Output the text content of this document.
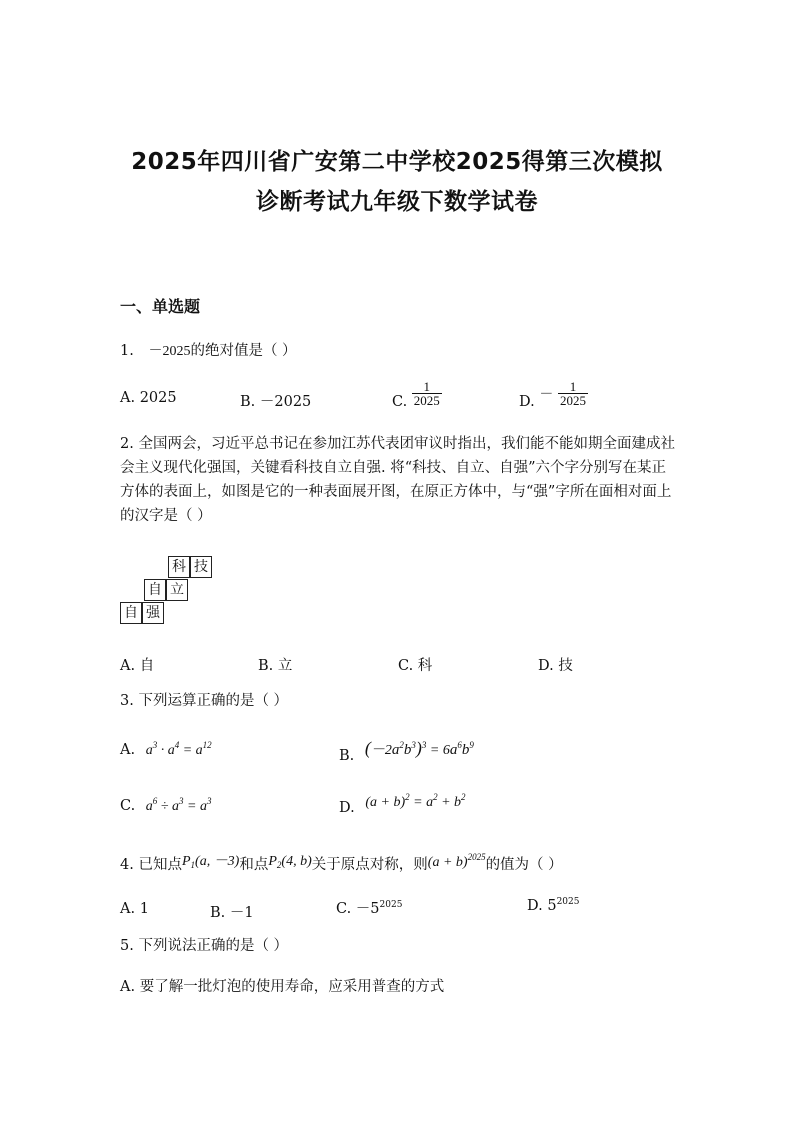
2025年四川省广安第二中学校2025得第三次模拟
诊断考试九年级下数学试卷
一、单选题
1. －2025的绝对值是（ ）
A. 2025	B. －2025	C. $\frac{1}{2025}$	D. － $\frac{1}{2025}$
2. 全国两会，习近平总书记在参加江苏代表团审议时指出，我们能不能如期全面建成社会主义现代化强国，关键看科技自立自强. 将“科技、自立、自强”六个字分别写在某正方体的表面上，如图是它的一种表面展开图，在原正方体中，与“强”字所在面相对面上的汉字是（ ）
科 技
自 立
自 强
A. 自	B. 立	C. 科	D. 技
3. 下列运算正确的是（ ）
A. $a^3 \cdot a^4 = a^{12}$
B. $(-2a^2b^3)^3 = 6a^6b^9$
C. $a^6 \div a^3 = a^3$	D. $(a + b)^2 = a^2 + b^2$
4. 已知点$P_1(a$, －3)和点$P_2(4$, b)关于原点对称，则$(a + b)^{2025}$的值为（ ）
A. 1	B. －1	C. $-5^{2025}$	D. $5^{2025}$
5. 下列说法正确的是（ ）
A. 要了解一批灯泡的使用寿命，应采用普查的方式
